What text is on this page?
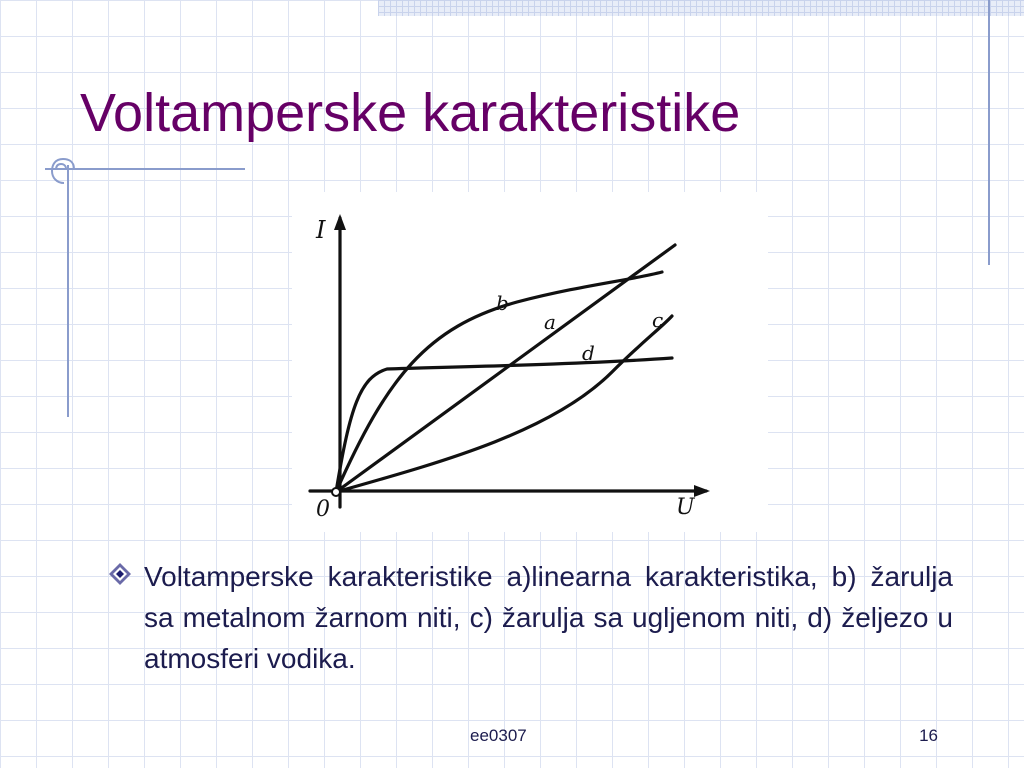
Voltamperske karakteristike
I
U
0
b
a	c
d
Voltamperske karakteristike a)linearna karakteristika, b) žarulja sa metalnom žarnom niti, c) žarulja sa ugljenom niti, d) željezo u atmosferi vodika.
ee0307	16
